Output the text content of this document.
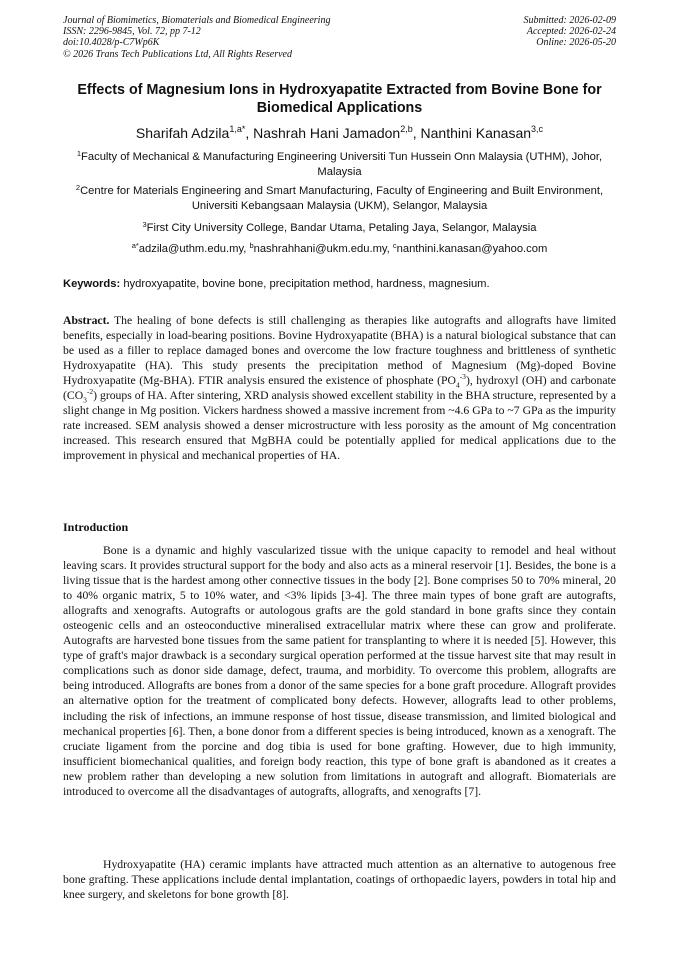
Journal of Biomimetics, Biomaterials and Biomedical Engineering
ISSN: 2296-9845, Vol. 72, pp 7-12
doi:10.4028/p-C7Wp6K
© 2026 Trans Tech Publications Ltd, All Rights Reserved
Submitted: 2026-02-09
Accepted: 2026-02-24
Online: 2026-05-20
Effects of Magnesium Ions in Hydroxyapatite Extracted from Bovine Bone for Biomedical Applications
Sharifah Adzila$^{1,a*}$, Nashrah Hani Jamadon$^{2,b}$, Nanthini Kanasan$^{3,c}$
$^1$Faculty of Mechanical & Manufacturing Engineering Universiti Tun Hussein Onn Malaysia (UTHM), Johor, Malaysia
$^2$Centre for Materials Engineering and Smart Manufacturing, Faculty of Engineering and Built Environment, Universiti Kebangsaan Malaysia (UKM), Selangor, Malaysia
$^3$First City University College, Bandar Utama, Petaling Jaya, Selangor, Malaysia
$^{a*}$adzila@uthm.edu.my, $^b$nashrahhani@ukm.edu.my, $^c$nanthini.kanasan@yahoo.com
Keywords: hydroxyapatite, bovine bone, precipitation method, hardness, magnesium.

Abstract. The healing of bone defects is still challenging as therapies like autografts and allografts have limited benefits, especially in load-bearing positions. Bovine Hydroxyapatite (BHA) is a natural biological substance that can be used as a filler to replace damaged bones and overcome the low fracture toughness and brittleness of synthetic Hydroxyapatite (HA). This study presents the precipitation method of Magnesium (Mg)-doped Bovine Hydroxyapatite (Mg-BHA). FTIR analysis ensured the existence of phosphate $(PO_4^{-3})$, hydroxyl (OH) and carbonate $(CO_3^{-2})$ groups of HA. After sintering, XRD analysis showed excellent stability in the BHA structure, represented by a slight change in Mg position. Vickers hardness showed a massive increment from ~4.6 GPa to ~7 GPa as the impurity rate increased. SEM analysis showed a denser microstructure with less porosity as the amount of Mg concentration increased. This research ensured that MgBHA could be potentially applied for medical applications due to the improvement in physical and mechanical properties of HA.

Introduction

Bone is a dynamic and highly vascularized tissue with the unique capacity to remodel and heal without leaving scars. It provides structural support for the body and also acts as a mineral reservoir [1]. Besides, the bone is a living tissue that is the hardest among other connective tissues in the body [2]. Bone comprises 50 to 70% mineral, 20 to 40% organic matrix, 5 to 10% water, and <3% lipids [3-4]. The three main types of bone graft are autografts, allografts and xenografts. Autografts or autologous grafts are the gold standard in bone grafts since they contain osteogenic cells and an osteoconductive mineralised extracellular matrix where these can grow and proliferate. Autografts are harvested bone tissues from the same patient for transplanting to where it is needed [5]. However, this type of graft's major drawback is a secondary surgical operation performed at the tissue harvest site that may result in complications such as donor side damage, defect, trauma, and morbidity. To overcome this problem, allografts are being introduced. Allografts are bones from a donor of the same species for a bone graft procedure. Allograft provides an alternative option for the treatment of complicated bony defects. However, allografts lead to other problems, including the risk of infections, an immune response of host tissue, disease transmission, and limited biological and mechanical properties [6]. Then, a bone donor from a different species is being introduced, known as a xenograft. The cruciate ligament from the porcine and dog tibia is used for bone grafting. However, due to high immunity, insufficient biomechanical qualities, and foreign body reaction, this type of bone graft is abandoned as it creates a new problem rather than developing a new solution from limitations in autograft and allograft. Biomaterials are introduced to overcome all the disadvantages of autografts, allografts, and xenografts [7].

Hydroxyapatite (HA) ceramic implants have attracted much attention as an alternative to autogenous free bone grafting. These applications include dental implantation, coatings of orthopaedic layers, powders in total hip and knee surgery, and skeletons for bone growth [8].
